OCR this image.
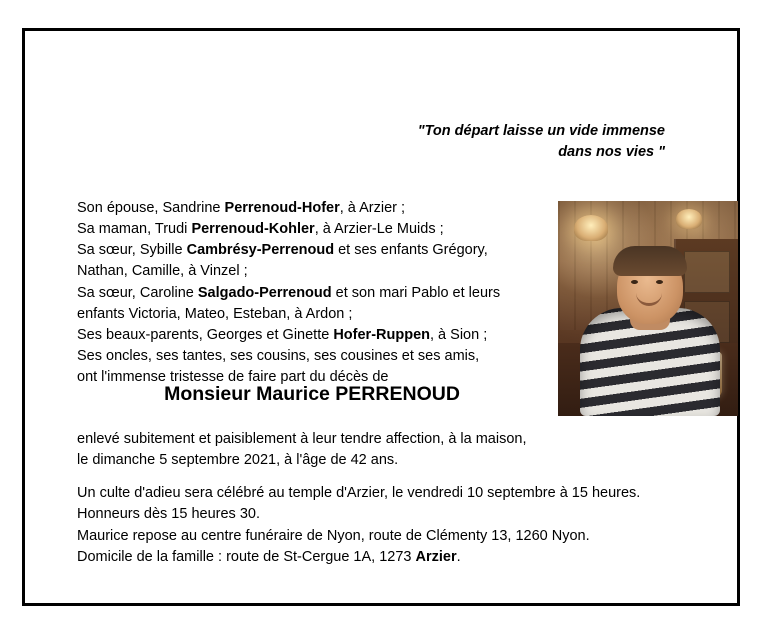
"Ton départ laisse un vide immense
dans nos vies "
Son épouse, Sandrine Perrenoud-Hofer, à Arzier ;
Sa maman, Trudi Perrenoud-Kohler, à Arzier-Le Muids ;
Sa sœur, Sybille Cambrésy-Perrenoud et ses enfants Grégory,
Nathan, Camille, à Vinzel ;
Sa sœur, Caroline Salgado-Perrenoud et son mari Pablo et leurs
enfants Victoria, Mateo, Esteban, à Ardon ;
Ses beaux-parents, Georges et Ginette Hofer-Ruppen, à Sion ;
Ses oncles, ses tantes, ses cousins, ses cousines et ses amis,
ont l'immense tristesse de faire part du décès de
Monsieur Maurice PERRENOUD
enlevé subitement et paisiblement à leur tendre affection, à la maison,
le dimanche 5 septembre 2021, à l'âge de 42 ans.
Un culte d'adieu sera célébré au temple d'Arzier, le vendredi 10 septembre à 15 heures.
Honneurs dès 15 heures 30.
Maurice repose au centre funéraire de Nyon, route de Clémenty 13, 1260 Nyon.
Domicile de la famille : route de St-Cergue 1A, 1273 Arzier.
